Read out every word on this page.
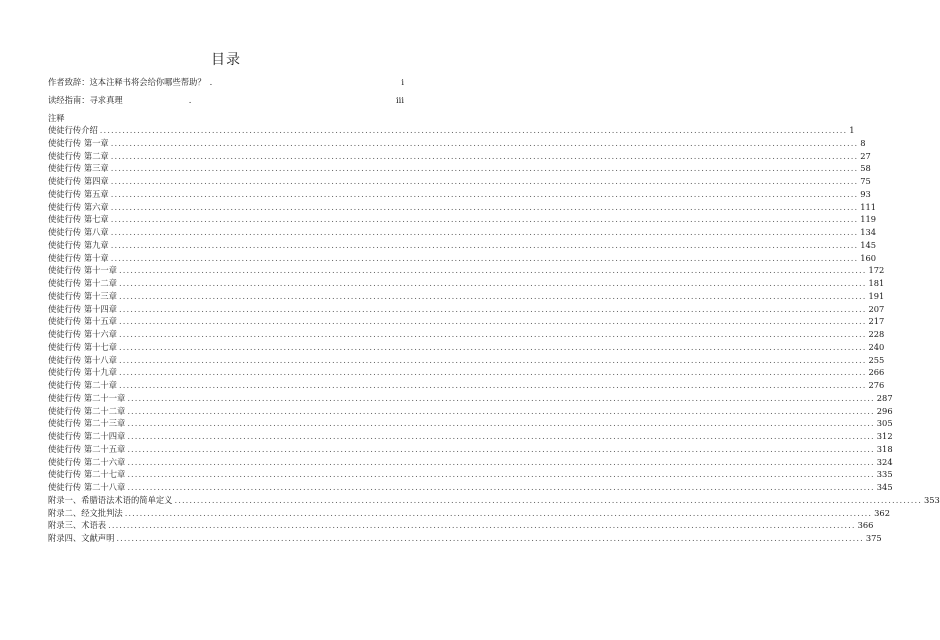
目录
作者致辞：这本注释书将会给你哪些帮助？ .	i
读经指南：寻求真理	.	iii
注释
使徒行传介绍 ........................................................................................................................................................................................................ 1
使徒行传 第一章 ........................................................................................................................................................................................................ 8
使徒行传 第二章 ........................................................................................................................................................................................................ 27
使徒行传 第三章 ........................................................................................................................................................................................................ 58
使徒行传 第四章 ........................................................................................................................................................................................................ 75
使徒行传 第五章 ........................................................................................................................................................................................................ 93
使徒行传 第六章 ........................................................................................................................................................................................................ 111
使徒行传 第七章 ........................................................................................................................................................................................................ 119
使徒行传 第八章 ........................................................................................................................................................................................................ 134
使徒行传 第九章 ........................................................................................................................................................................................................ 145
使徒行传 第十章 ........................................................................................................................................................................................................ 160
使徒行传 第十一章 ........................................................................................................................................................................................................ 172
使徒行传 第十二章 ........................................................................................................................................................................................................ 181
使徒行传 第十三章 ........................................................................................................................................................................................................ 191
使徒行传 第十四章 ........................................................................................................................................................................................................ 207
使徒行传 第十五章 ........................................................................................................................................................................................................ 217
使徒行传 第十六章 ........................................................................................................................................................................................................ 228
使徒行传 第十七章 ........................................................................................................................................................................................................ 240
使徒行传 第十八章 ........................................................................................................................................................................................................ 255
使徒行传 第十九章 ........................................................................................................................................................................................................ 266
使徒行传 第二十章 ........................................................................................................................................................................................................ 276
使徒行传 第二十一章 ........................................................................................................................................................................................................ 287
使徒行传 第二十二章 ........................................................................................................................................................................................................ 296
使徒行传 第二十三章 ........................................................................................................................................................................................................ 305
使徒行传 第二十四章 ........................................................................................................................................................................................................ 312
使徒行传 第二十五章 ........................................................................................................................................................................................................ 318
使徒行传 第二十六章 ........................................................................................................................................................................................................ 324
使徒行传 第二十七章 ........................................................................................................................................................................................................ 335
使徒行传 第二十八章 ........................................................................................................................................................................................................ 345
附录一、希腊语法术语的简单定义 ........................................................................................................................................................................................................ 353
附录二、经文批判法 ........................................................................................................................................................................................................ 362
附录三、术语表 ........................................................................................................................................................................................................ 366
附录四、文献声明 ........................................................................................................................................................................................................ 375
